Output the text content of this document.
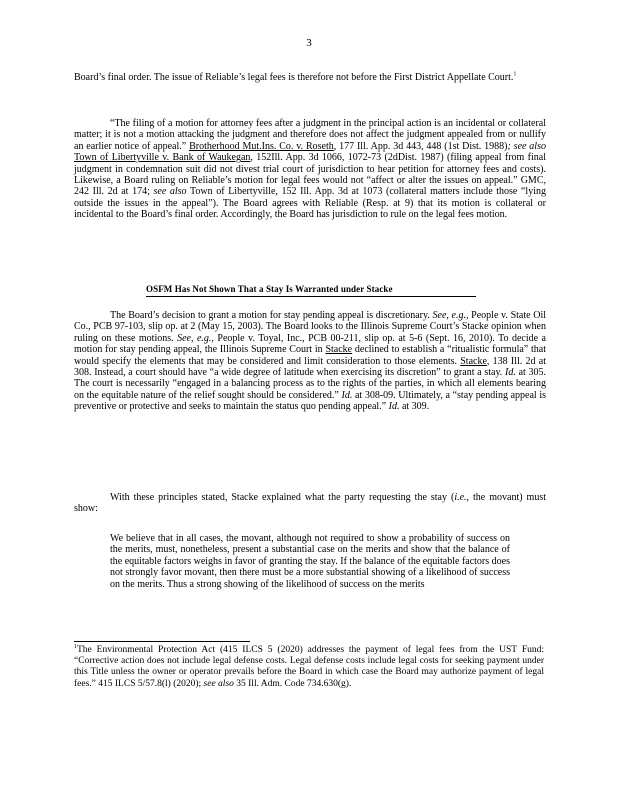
3

Board’s final order. The issue of Reliable’s legal fees is therefore not before the First District Appellate Court.$^1$

“The filing of a motion for attorney fees after a judgment in the principal action is an incidental or collateral matter; it is not a motion attacking the judgment and therefore does not affect the judgment appealed from or nullify an earlier notice of appeal.” Brotherhood Mut.Ins. Co. v. Roseth, 177 Ill. App. 3d 443, 448 (1st Dist. 1988); see also Town of Libertyville v. Bank of Waukegan, 152Ill. App. 3d 1066, 1072-73 (2dDist. 1987) (filing appeal from final judgment in condemnation suit did not divest trial court of jurisdiction to hear petition for attorney fees and costs). Likewise, a Board ruling on Reliable’s motion for legal fees would not “affect or alter the issues on appeal.” GMC, 242 Ill. 2d at 174; see also Town of Libertyville, 152 Ill. App. 3d at 1073 (collateral matters include those “lying outside the issues in the appeal”). The Board agrees with Reliable (Resp. at 9) that its motion is collateral or incidental to the Board’s final order. Accordingly, the Board has jurisdiction to rule on the legal fees motion.

OSFM Has Not Shown That a Stay Is Warranted under Stacke

The Board’s decision to grant a motion for stay pending appeal is discretionary. See, e.g., People v. State Oil Co., PCB 97-103, slip op. at 2 (May 15, 2003). The Board looks to the Illinois Supreme Court’s Stacke opinion when ruling on these motions. See, e.g., People v. Toyal, Inc., PCB 00-211, slip op. at 5-6 (Sept. 16, 2010). To decide a motion for stay pending appeal, the Illinois Supreme Court in Stacke declined to establish a “ritualistic formula” that would specify the elements that may be considered and limit consideration to those elements. Stacke, 138 Ill. 2d at 308. Instead, a court should have “a wide degree of latitude when exercising its discretion” to grant a stay. Id. at 305. The court is necessarily “engaged in a balancing process as to the rights of the parties, in which all elements bearing on the equitable nature of the relief sought should be considered.” Id. at 308-09. Ultimately, a “stay pending appeal is preventive or protective and seeks to maintain the status quo pending appeal.” Id. at 309.

With these principles stated, Stacke explained what the party requesting the stay (i.e., the movant) must show:

We believe that in all cases, the movant, although not required to show a probability of success on the merits, must, nonetheless, present a substantial case on the merits and show that the balance of the equitable factors weighs in favor of granting the stay. If the balance of the equitable factors does not strongly favor movant, then there must be a more substantial showing of a likelihood of success on the merits. Thus a strong showing of the likelihood of success on the merits

$^1$The Environmental Protection Act (415 ILCS 5 (2020) addresses the payment of legal fees from the UST Fund: “Corrective action does not include legal defense costs. Legal defense costs include legal costs for seeking payment under this Title unless the owner or operator prevails before the Board in which case the Board may authorize payment of legal fees.” 415 ILCS 5/57.8(l) (2020); see also 35 Ill. Adm. Code 734.630(g).
